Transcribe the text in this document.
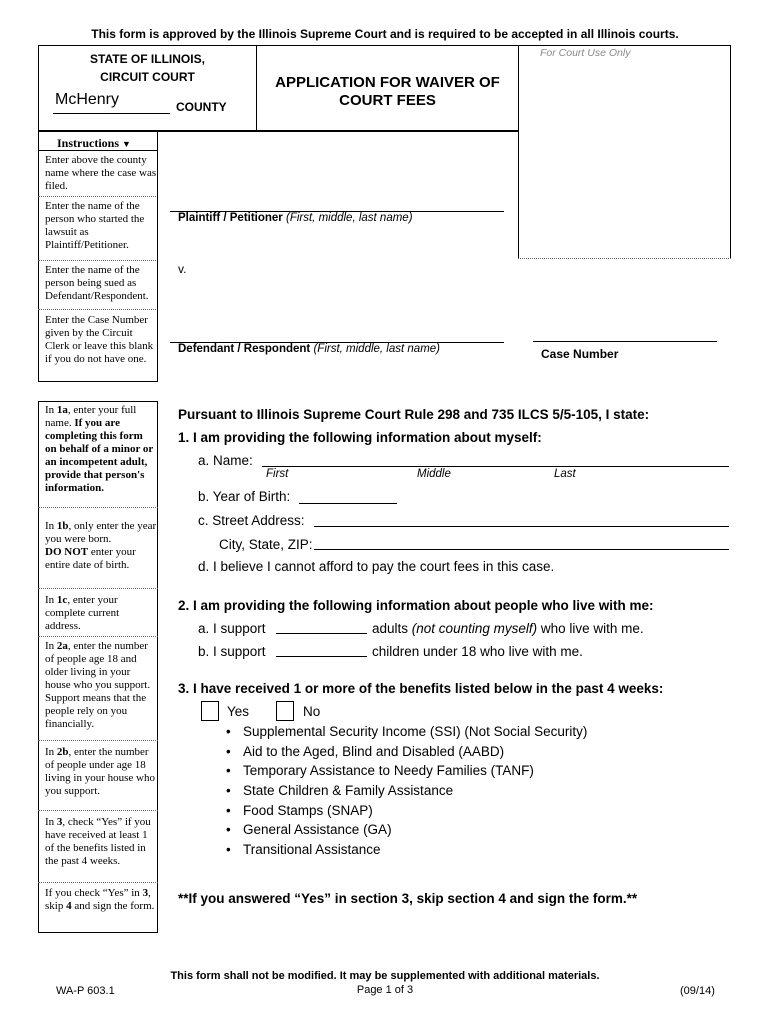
This form is approved by the Illinois Supreme Court and is required to be accepted in all Illinois courts.
STATE OF ILLINOIS,
CIRCUIT COURT
McHenry	COUNTY
APPLICATION FOR WAIVER OF
COURT FEES
For Court Use Only
Instructions ▼
Enter above the county name where the case was filed.
Enter the name of the person who started the lawsuit as Plaintiff/Petitioner.
Enter the name of the person being sued as Defendant/Respondent.
Enter the Case Number given by the Circuit Clerk or leave this blank if you do not have one.
Plaintiff / Petitioner (First, middle, last name)
v.
Defendant / Respondent (First, middle, last name)	Case Number
In 1a, enter your full name. If you are completing this form on behalf of a minor or an incompetent adult, provide that person's information.
In 1b, only enter the year you were born.
DO NOT enter your entire date of birth.
In 1c, enter your complete current address.
In 2a, enter the number of people age 18 and older living in your house who you support. Support means that the people rely on you financially.
In 2b, enter the number of people under age 18 living in your house who you support.
In 3, check “Yes” if you have received at least 1 of the benefits listed in the past 4 weeks.
If you check “Yes” in 3, skip 4 and sign the form.
Pursuant to Illinois Supreme Court Rule 298 and 735 ILCS 5/5-105, I state:
1. I am providing the following information about myself:
a. Name:
First	Middle	Last
b. Year of Birth:
c. Street Address:
City, State, ZIP:
d. I believe I cannot afford to pay the court fees in this case.
2. I am providing the following information about people who live with me:
a. I support	adults (not counting myself) who live with me.
b. I support	children under 18 who live with me.
3. I have received 1 or more of the benefits listed below in the past 4 weeks:
Yes	No
• Supplemental Security Income (SSI) (Not Social Security)
• Aid to the Aged, Blind and Disabled (AABD)
• Temporary Assistance to Needy Families (TANF)
• State Children & Family Assistance
• Food Stamps (SNAP)
• General Assistance (GA)
• Transitional Assistance
**If you answered “Yes” in section 3, skip section 4 and sign the form.**
WA-P 603.1
This form shall not be modified. It may be supplemented with additional materials.
Page 1 of 3	(09/14)
